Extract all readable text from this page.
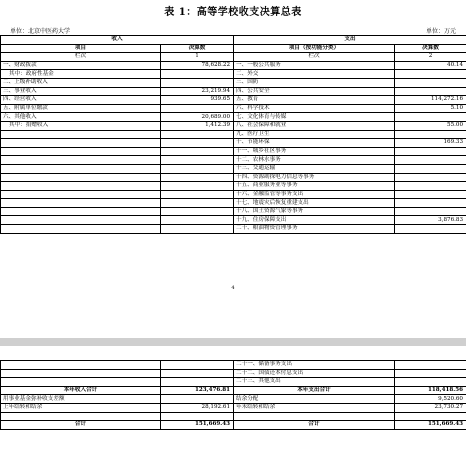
表 1：高等学校收支决算总表
单位：北京中医药大学	单位：万元
收入		支出	
项目	决算数	项目（按功能分类）	决算数
栏次	1	栏次	2
一、财政拨款	78,628.22	一、一般公共服务	40.14
其中：政府性基金		二、外交	
二、上级补助收入		三、国防	
三、事业收入	23,219.94	四、公共安全	
四、经营收入	939.65	五、教育	114,272.16
五、附属单位缴款		六、科学技术	5.10
六、其他收入	20,689.00	七、文化体育与传媒	
其中：捐赠收入	1,412.39	八、社会保障和就业	55.00
		九、医疗卫生	
		十、节能环保	169.33
		十一、城乡社区事务	
		十二、农林水事务	
		十三、交通运输	
		十四、资源勘探电力信息等事务	
		十五、商业服务业等事务	
		十六、金融监管等事务支出	
		十七、地震灾后恢复重建支出	
		十八、国土资源气象等事务	
		十九、住房保障支出	3,876.83
		二十、粮油物资管理事务	
4
		二十一、储备事务支出	
		二十二、国债还本付息支出	
		二十三、其他支出	
本年收入合计	123,476.81	本年支出合计	118,418.56
用事业基金弥补收支差额		结余分配	9,520.60
上年结转和结余	28,192.61	年末结转和结余	23,730.27

合计	151,669.43	合计	151,669.43
